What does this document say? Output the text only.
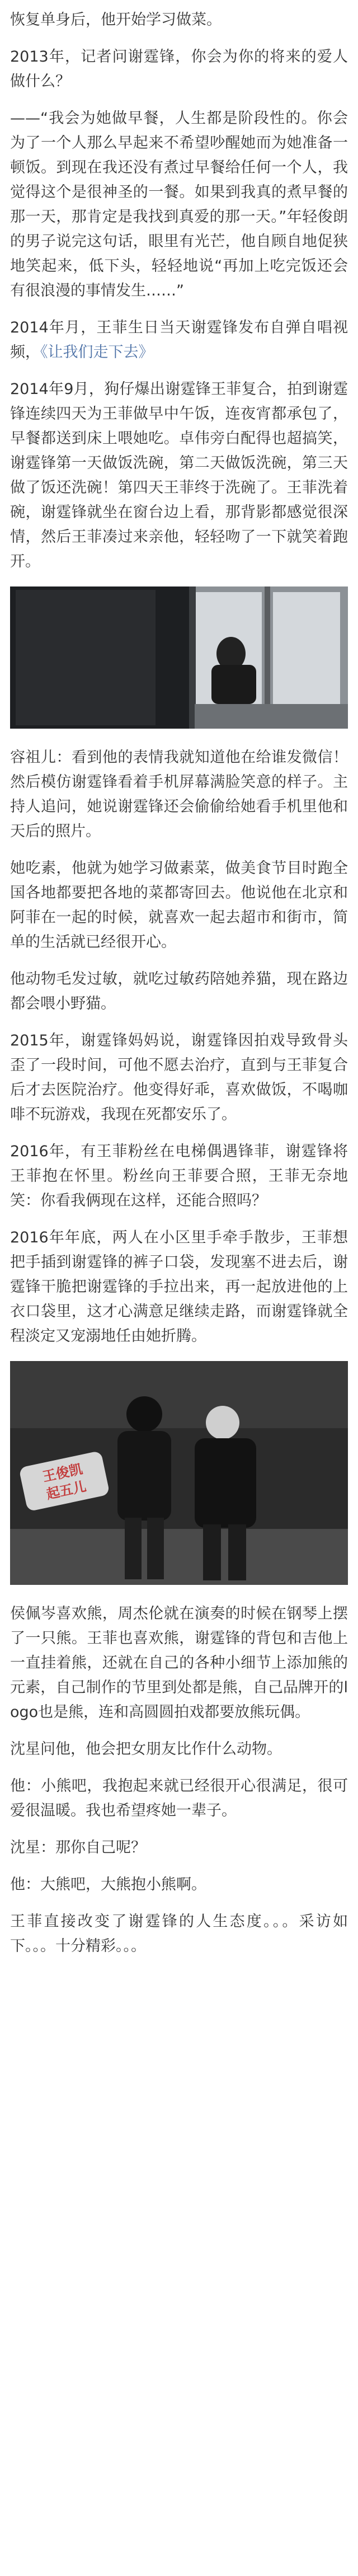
恢复单身后，他开始学习做菜。

2013年，记者问谢霆锋，你会为你的将来的爱人做什么？

——“我会为她做早餐，人生都是阶段性的。你会为了一个人那么早起来不希望吵醒她而为她准备一顿饭。到现在我还没有煮过早餐给任何一个人，我觉得这个是很神圣的一餐。如果到我真的煮早餐的那一天，那肯定是我找到真爱的那一天。”年轻俊朗的男子说完这句话，眼里有光芒，他自顾自地促狭地笑起来，低下头，轻轻地说“再加上吃完饭还会有很浪漫的事情发生……”

2014年月，王菲生日当天谢霆锋发布自弹自唱视频，《让我们走下去》

2014年9月，狗仔爆出谢霆锋王菲复合，拍到谢霆锋连续四天为王菲做早中午饭，连夜宵都承包了，早餐都送到床上喂她吃。卓伟旁白配得也超搞笑，谢霆锋第一天做饭洗碗，第二天做饭洗碗，第三天做了饭还洗碗！第四天王菲终于洗碗了。王菲洗着碗，谢霆锋就坐在窗台边上看，那背影都感觉很深情，然后王菲凑过来亲他，轻轻吻了一下就笑着跑开。

容祖儿：看到他的表情我就知道他在给谁发微信！然后模仿谢霆锋看着手机屏幕满脸笑意的样子。主持人追问，她说谢霆锋还会偷偷给她看手机里他和天后的照片。

她吃素，他就为她学习做素菜，做美食节目时跑全国各地都要把各地的菜都寄回去。他说他在北京和阿菲在一起的时候，就喜欢一起去超市和街市，简单的生活就已经很开心。

他动物毛发过敏，就吃过敏药陪她养猫，现在路边都会喂小野猫。

2015年，谢霆锋妈妈说，谢霆锋因拍戏导致骨头歪了一段时间，可他不愿去治疗，直到与王菲复合后才去医院治疗。他变得好乖，喜欢做饭，不喝咖啡不玩游戏，我现在死都安乐了。

2016年，有王菲粉丝在电梯偶遇锋菲，谢霆锋将王菲抱在怀里。粉丝向王菲要合照，王菲无奈地笑：你看我俩现在这样，还能合照吗？

2016年年底，两人在小区里手牵手散步，王菲想把手插到谢霆锋的裤子口袋，发现塞不进去后，谢霆锋干脆把谢霆锋的手拉出来，再一起放进他的上衣口袋里，这才心满意足继续走路，而谢霆锋就全程淡定又宠溺地任由她折腾。

王俊凯
起五儿

侯佩岑喜欢熊，周杰伦就在演奏的时候在钢琴上摆了一只熊。王菲也喜欢熊，谢霆锋的背包和吉他上一直挂着熊，还就在自己的各种小细节上添加熊的元素，自己制作的节里到处都是熊，自己品牌开的logo也是熊，连和高圆圆拍戏都要放熊玩偶。

沈星问他，他会把女朋友比作什么动物。

他：小熊吧，我抱起来就已经很开心很满足，很可爱很温暖。我也希望疼她一辈子。

沈星：那你自己呢？

他：大熊吧，大熊抱小熊啊。

王菲直接改变了谢霆锋的人生态度。。。采访如下。。。十分精彩。。。
